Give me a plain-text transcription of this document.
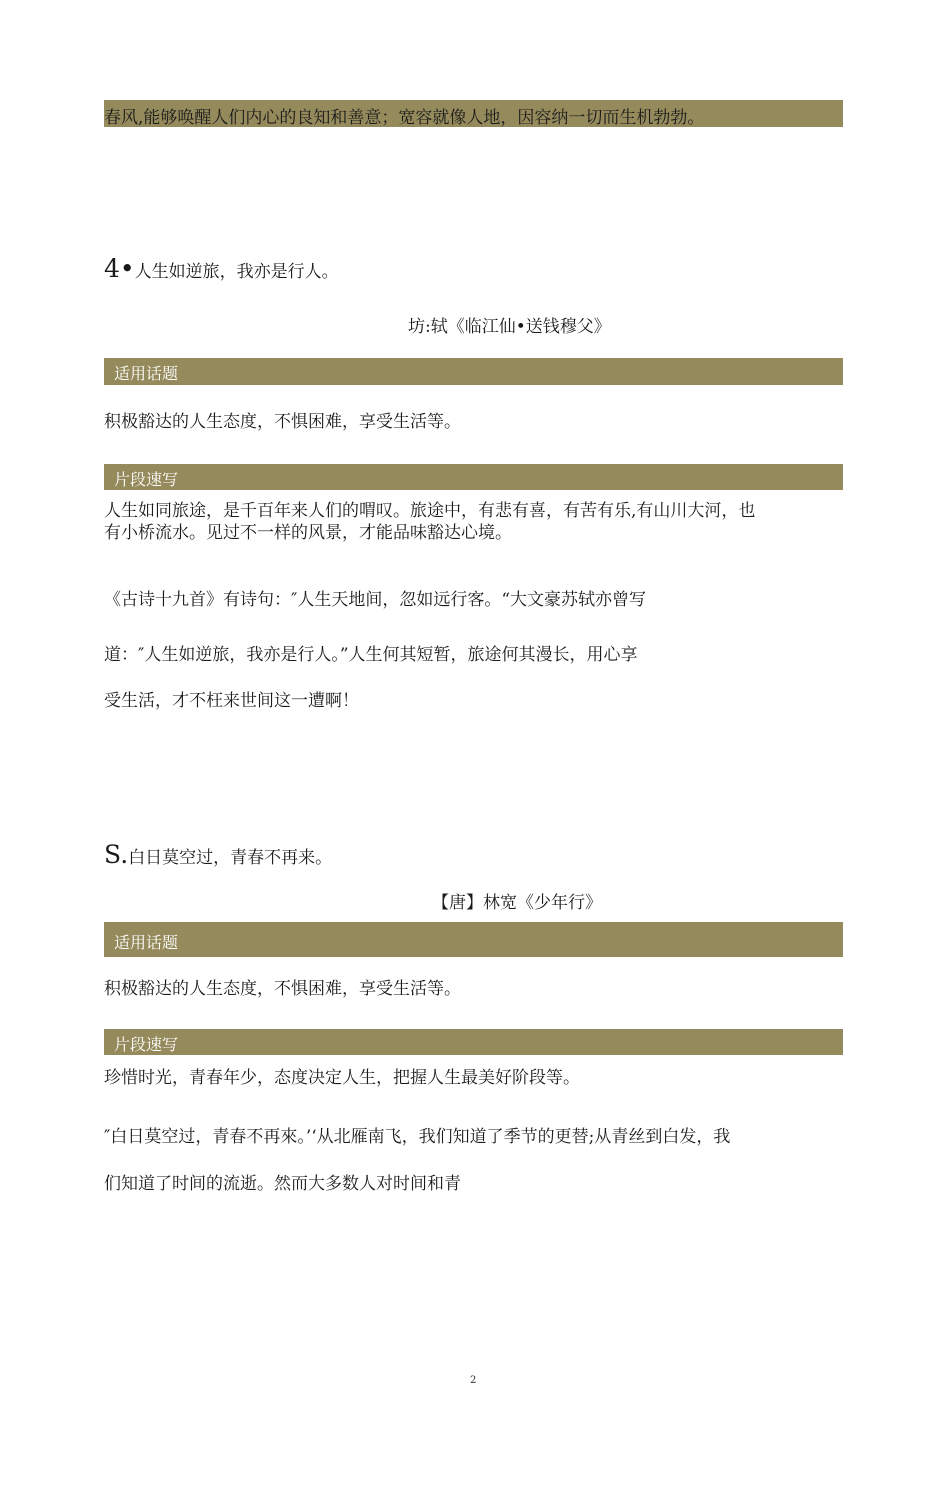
春风,能够唤醒人们内心的良知和善意；宽容就像人地，因容纳一切而生机勃勃。
4•人生如逆旅，我亦是行人。
坊:轼《临江仙•送钱穆父》
适用话题
积极豁达的人生态度，不惧困难，享受生活等。
片段速写
人生如同旅途，是千百年来人们的喟叹。旅途中，有悲有喜，有苦有乐,有山川大河，也
有小桥流水。见过不一样的风景，才能品味豁达心境。
《古诗十九首》有诗句：″人生天地间，忽如远行客。“大文豪苏轼亦曾写
道：″人生如逆旅，我亦是行人。”人生何其短暂，旅途何其漫长，用心享
受生活，才不枉来世间这一遭啊！
S.白日莫空过，青春不再来。
【唐】林宽《少年行》
适用话题
积极豁达的人生态度，不惧困难，享受生活等。
片段速写
珍惜时光，青春年少，态度决定人生，把握人生最美好阶段等。
″白日莫空过，青春不再來。’‘从北雁南飞，我们知道了季节的更替;从青丝到白发，我
们知道了时间的流逝。然而大多数人对时间和青
2
